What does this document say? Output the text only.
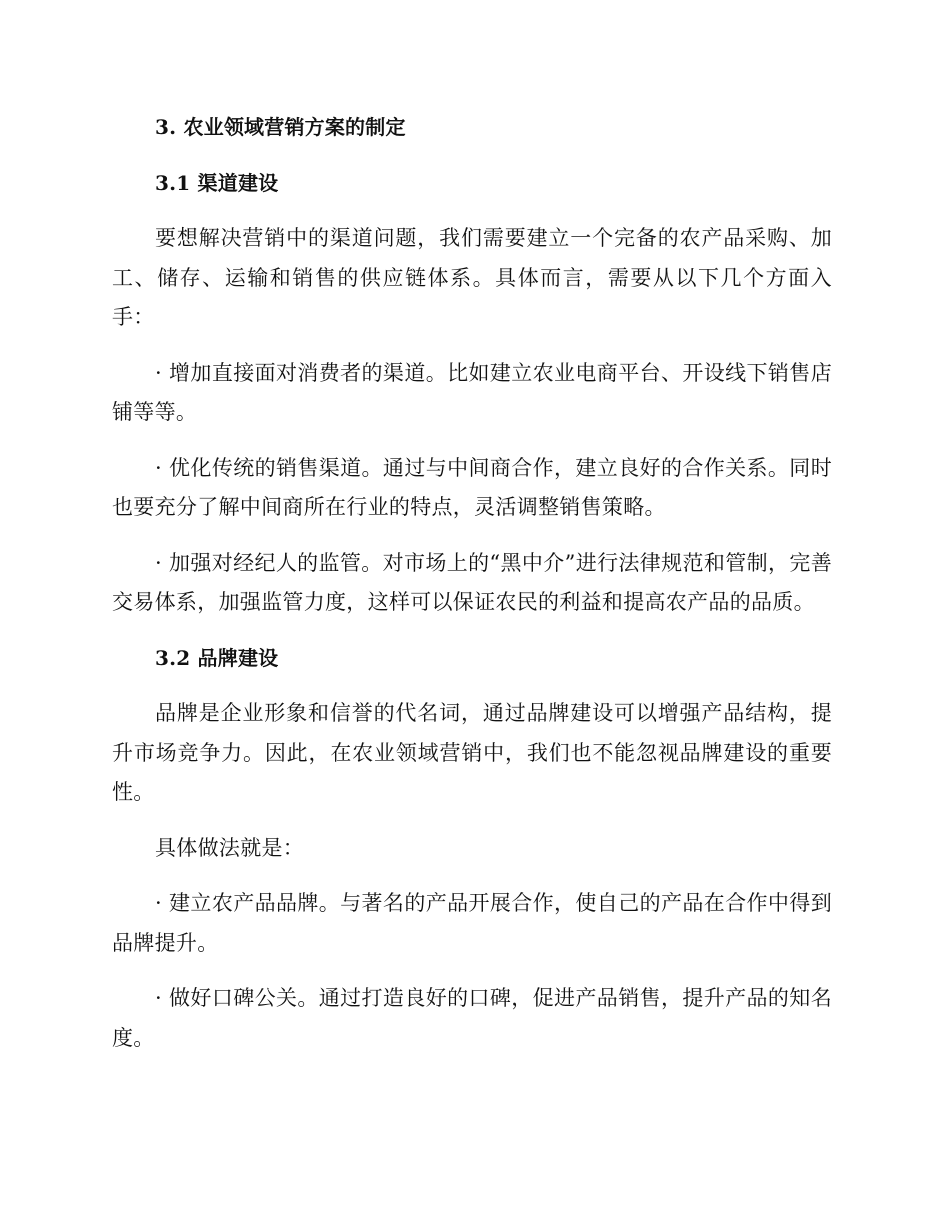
3. 农业领域营销方案的制定

3.1 渠道建设

要想解决营销中的渠道问题，我们需要建立一个完备的农产品采购、加工、储存、运输和销售的供应链体系。具体而言，需要从以下几个方面入手：

· 增加直接面对消费者的渠道。比如建立农业电商平台、开设线下销售店铺等等。

· 优化传统的销售渠道。通过与中间商合作，建立良好的合作关系。同时也要充分了解中间商所在行业的特点，灵活调整销售策略。

· 加强对经纪人的监管。对市场上的“黑中介”进行法律规范和管制，完善交易体系，加强监管力度，这样可以保证农民的利益和提高农产品的品质。

3.2 品牌建设

品牌是企业形象和信誉的代名词，通过品牌建设可以增强产品结构，提升市场竞争力。因此，在农业领域营销中，我们也不能忽视品牌建设的重要性。

具体做法就是：

· 建立农产品品牌。与著名的产品开展合作，使自己的产品在合作中得到品牌提升。

· 做好口碑公关。通过打造良好的口碑，促进产品销售，提升产品的知名度。
